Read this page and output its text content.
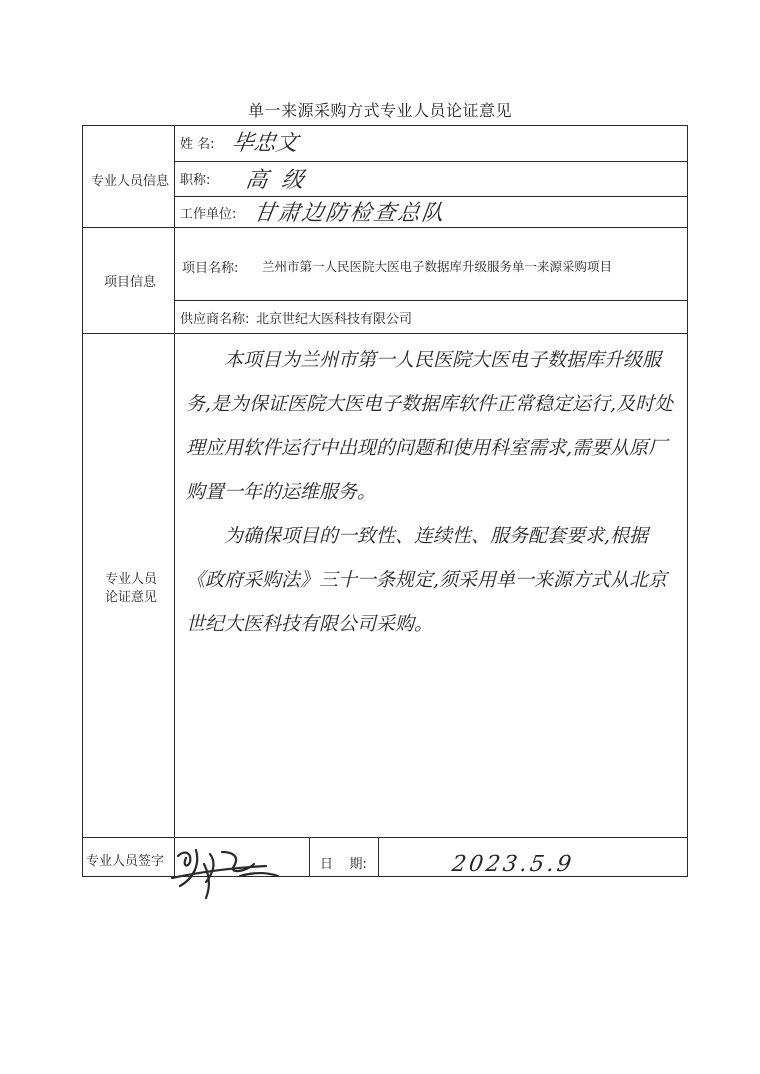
单一来源采购方式专业人员论证意见
专业人员信息
姓 名: 毕忠文
职称: 高级
工作单位: 甘肃边防检查总队
项目信息
项目名称: 兰州市第一人民医院大医电子数据库升级服务单一来源采购项目
供应商名称: 北京世纪大医科技有限公司
专业人员
论证意见

本项目为兰州市第一人民医院大医电子数据库升级服务,是为保证医院大医电子数据库软件正常稳定运行,及时处理应用软件运行中出现的问题和使用科室需求,需要从原厂购置一年的运维服务。

为确保项目的一致性、连续性、服务配套要求,根据《政府采购法》三十一条规定,须采用单一来源方式从北京世纪大医科技有限公司采购。

专业人员签字	日    期:	2023.5.9
